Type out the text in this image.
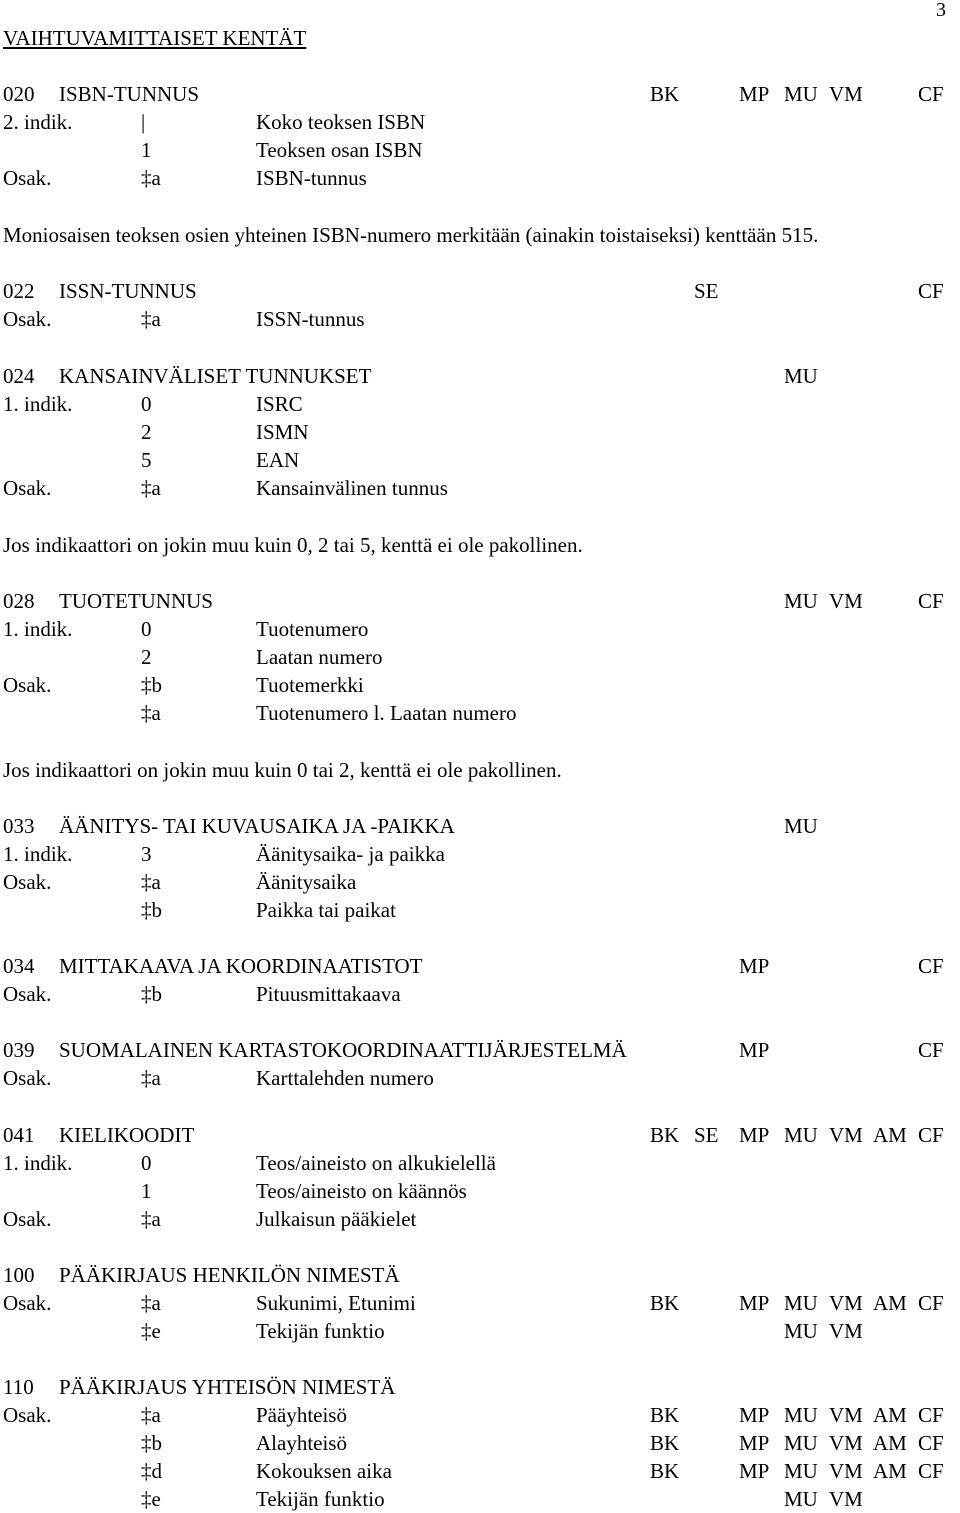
3
VAIHTUVAMITTAISET KENTÄT
020 ISBN-TUNNUS	BK	MP MU VM	CF
2. indik.	|	Koko teoksen ISBN
1	Teoksen osan ISBN
Osak.	‡a	ISBN-tunnus
Moniosaisen teoksen osien yhteinen ISBN-numero merkitään (ainakin toistaiseksi) kenttään 515.
022 ISSN-TUNNUS	SE	CF
Osak.	‡a	ISSN-tunnus
024 KANSAINVÄLISET TUNNUKSET	MU
1. indik.	0	ISRC
2	ISMN
5	EAN
Osak.	‡a	Kansainvälinen tunnus
Jos indikaattori on jokin muu kuin 0, 2 tai 5, kenttä ei ole pakollinen.
028 TUOTETUNNUS	MU VM	CF
1. indik.	0	Tuotenumero
2	Laatan numero
Osak.	‡b	Tuotemerkki
‡a	Tuotenumero l. Laatan numero
Jos indikaattori on jokin muu kuin 0 tai 2, kenttä ei ole pakollinen.
033 ÄÄNITYS- TAI KUVAUSAIKA JA -PAIKKA	MU
1. indik.	3	Äänitysaika- ja paikka
Osak.	‡a	Äänitysaika
‡b	Paikka tai paikat
034 MITTAKAAVA JA KOORDINAATISTOT	MP	CF
Osak.	‡b	Pituusmittakaava
039 SUOMALAINEN KARTASTOKOORDINAATTIJÄRJESTELMÄ	MP	CF
Osak.	‡a	Karttalehden numero
041 KIELIKOODIT	BK SE MP MU VM AM CF
1. indik.	0	Teos/aineisto on alkukielellä
1	Teos/aineisto on käännös
Osak.	‡a	Julkaisun pääkielet
100 PÄÄKIRJAUS HENKILÖN NIMESTÄ
Osak.	‡a	Sukunimi, Etunimi	BK	MP MU VM AM CF
‡e	Tekijän funktio	MU VM
110 PÄÄKIRJAUS YHTEISÖN NIMESTÄ
Osak.	‡a	Pääyhteisö	BK	MP MU VM AM CF
‡b	Alayhteisö	BK	MP MU VM AM CF
‡d	Kokouksen aika	BK	MP MU VM AM CF
‡e	Tekijän funktio	MU VM
